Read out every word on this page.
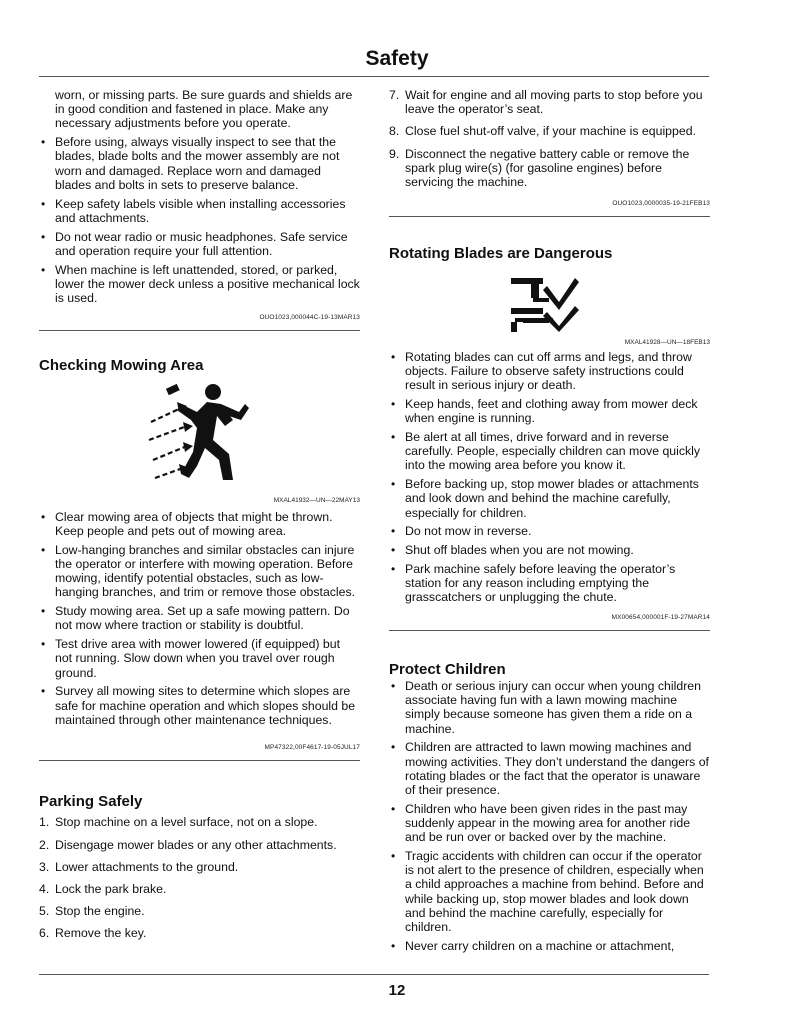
Safety
worn, or missing parts. Be sure guards and shields are in good condition and fastened in place. Make any necessary adjustments before you operate.
• Before using, always visually inspect to see that the blades, blade bolts and the mower assembly are not worn and damaged. Replace worn and damaged blades and bolts in sets to preserve balance.
• Keep safety labels visible when installing accessories and attachments.
• Do not wear radio or music headphones. Safe service and operation require your full attention.
• When machine is left unattended, stored, or parked, lower the mower deck unless a positive mechanical lock is used.
OUO1023,000044C-19-13MAR13
Checking Mowing Area
MXAL41932—UN—22MAY13
• Clear mowing area of objects that might be thrown. Keep people and pets out of mowing area.
• Low-hanging branches and similar obstacles can injure the operator or interfere with mowing operation. Before mowing, identify potential obstacles, such as low-hanging branches, and trim or remove those obstacles.
• Study mowing area. Set up a safe mowing pattern. Do not mow where traction or stability is doubtful.
• Test drive area with mower lowered (if equipped) but not running. Slow down when you travel over rough ground.
• Survey all mowing sites to determine which slopes are safe for machine operation and which slopes should be maintained through other maintenance techniques.
MP47322,00F4617-19-05JUL17
Parking Safely
1. Stop machine on a level surface, not on a slope.
2. Disengage mower blades or any other attachments.
3. Lower attachments to the ground.
4. Lock the park brake.
5. Stop the engine.
6. Remove the key.
7. Wait for engine and all moving parts to stop before you leave the operator’s seat.
8. Close fuel shut-off valve, if your machine is equipped.
9. Disconnect the negative battery cable or remove the spark plug wire(s) (for gasoline engines) before servicing the machine.
OUO1023,0000035-19-21FEB13
Rotating Blades are Dangerous
MXAL41928—UN—18FEB13
• Rotating blades can cut off arms and legs, and throw objects. Failure to observe safety instructions could result in serious injury or death.
• Keep hands, feet and clothing away from mower deck when engine is running.
• Be alert at all times, drive forward and in reverse carefully. People, especially children can move quickly into the mowing area before you know it.
• Before backing up, stop mower blades or attachments and look down and behind the machine carefully, especially for children.
• Do not mow in reverse.
• Shut off blades when you are not mowing.
• Park machine safely before leaving the operator’s station for any reason including emptying the grasscatchers or unplugging the chute.
MX00654,000001F-19-27MAR14
Protect Children
• Death or serious injury can occur when young children associate having fun with a lawn mowing machine simply because someone has given them a ride on a machine.
• Children are attracted to lawn mowing machines and mowing activities. They don’t understand the dangers of rotating blades or the fact that the operator is unaware of their presence.
• Children who have been given rides in the past may suddenly appear in the mowing area for another ride and be run over or backed over by the machine.
• Tragic accidents with children can occur if the operator is not alert to the presence of children, especially when a child approaches a machine from behind. Before and while backing up, stop mower blades and look down and behind the machine carefully, especially for children.
• Never carry children on a machine or attachment,
12
